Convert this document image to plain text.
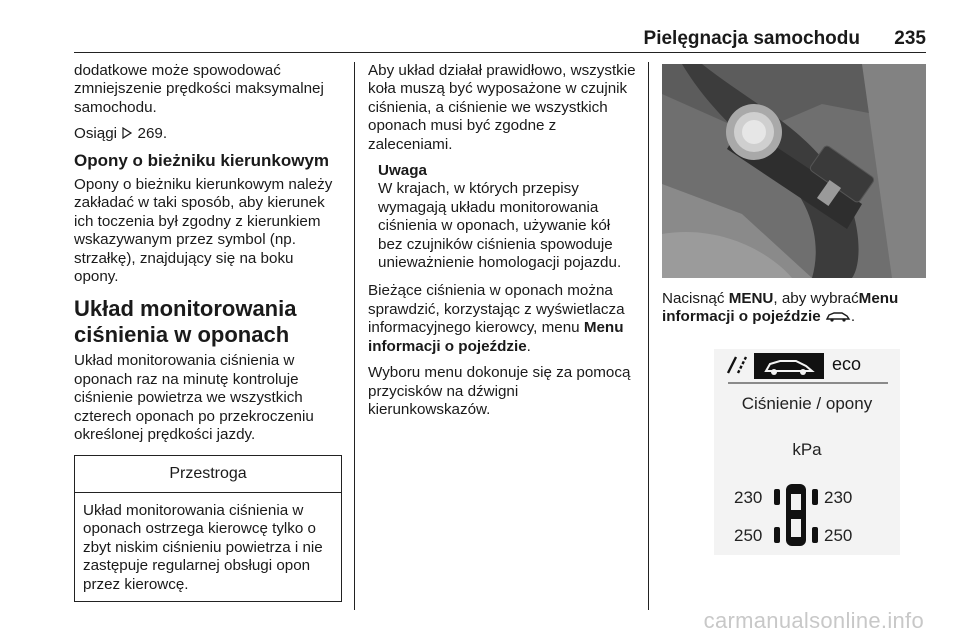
Pielęgnacja samochodu 235

dodatkowe może spowodować zmniejszenie prędkości maksymalnej samochodu.

Osiągi  269.

Opony o bieżniku kierunkowym

Opony o bieżniku kierunkowym należy zakładać w taki sposób, aby kierunek ich toczenia był zgodny z kierunkiem wskazywanym przez symbol (np. strzałkę), znajdujący się na boku opony.

Układ monitorowania ciśnienia w oponach

Układ monitorowania ciśnienia w oponach raz na minutę kontroluje ciśnienie powietrza we wszystkich czterech oponach po przekroczeniu określonej prędkości jazdy.

Przestroga
Układ monitorowania ciśnienia w oponach ostrzega kierowcę tylko o zbyt niskim ciśnieniu powietrza i nie zastępuje regularnej obsługi opon przez kierowcę.

Aby układ działał prawidłowo, wszystkie koła muszą być wyposażone w czujnik ciśnienia, a ciśnienie we wszystkich oponach musi być zgodne z zaleceniami.

Uwaga
W krajach, w których przepisy wymagają układu monitorowania ciśnienia w oponach, używanie kół bez czujników ciśnienia spowoduje unieważnienie homologacji pojazdu.

Bieżące ciśnienia w oponach można sprawdzić, korzystając z wyświetlacza informacyjnego kierowcy, menu Menu informacji o pojeździe.

Wyboru menu dokonuje się za pomocą przycisków na dźwigni kierunkowskazów.

Nacisnąć MENU, aby wybraćMenu informacji o pojeździe .

eco
Ciśnienie / opony
kPa
230	230
250	250
carmanualsonline.info
